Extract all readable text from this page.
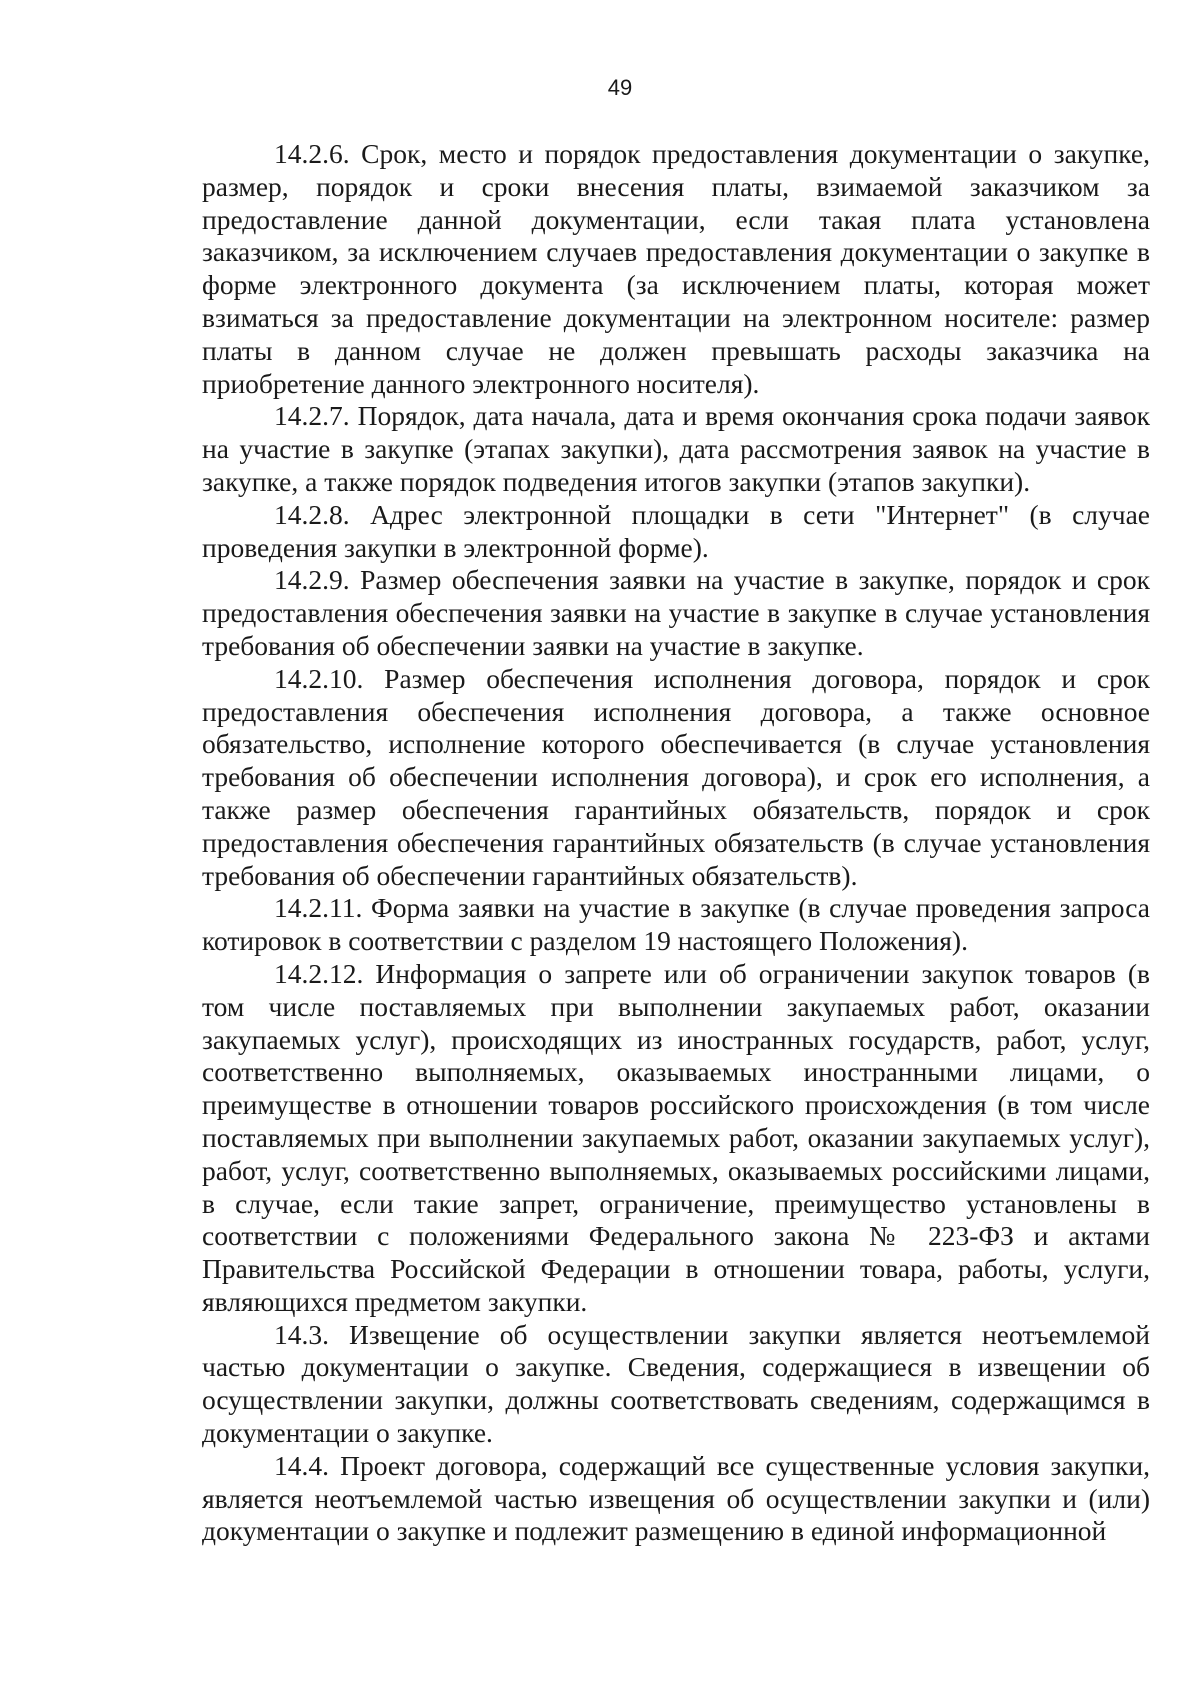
49

14.2.6. Срок, место и порядок предоставления документации о закупке, размер, порядок и сроки внесения платы, взимаемой заказчиком за предоставление данной документации, если такая плата установлена заказчиком, за исключением случаев предоставления документации о закупке в форме электронного документа (за исключением платы, которая может взиматься за предоставление документации на электронном носителе: размер платы в данном случае не должен превышать расходы заказчика на приобретение данного электронного носителя).

14.2.7. Порядок, дата начала, дата и время окончания срока подачи заявок на участие в закупке (этапах закупки), дата рассмотрения заявок на участие в закупке, а также порядок подведения итогов закупки (этапов закупки).

14.2.8. Адрес электронной площадки в сети "Интернет" (в случае проведения закупки в электронной форме).

14.2.9. Размер обеспечения заявки на участие в закупке, порядок и срок предоставления обеспечения заявки на участие в закупке в случае установления требования об обеспечении заявки на участие в закупке.

14.2.10. Размер обеспечения исполнения договора, порядок и срок предоставления обеспечения исполнения договора, а также основное обязательство, исполнение которого обеспечивается (в случае установления требования об обеспечении исполнения договора), и срок его исполнения, а также размер обеспечения гарантийных обязательств, порядок и срок предоставления обеспечения гарантийных обязательств (в случае установления требования об обеспечении гарантийных обязательств).

14.2.11. Форма заявки на участие в закупке (в случае проведения запроса котировок в соответствии с разделом 19 настоящего Положения).

14.2.12. Информация о запрете или об ограничении закупок товаров (в том числе поставляемых при выполнении закупаемых работ, оказании закупаемых услуг), происходящих из иностранных государств, работ, услуг, соответственно выполняемых, оказываемых иностранными лицами, о преимуществе в отношении товаров российского происхождения (в том числе поставляемых при выполнении закупаемых работ, оказании закупаемых услуг), работ, услуг, соответственно выполняемых, оказываемых российскими лицами, в случае, если такие запрет, ограничение, преимущество установлены в соответствии с положениями Федерального закона № 223-ФЗ и актами Правительства Российской Федерации в отношении товара, работы, услуги, являющихся предметом закупки.

14.3. Извещение об осуществлении закупки является неотъемлемой частью документации о закупке. Сведения, содержащиеся в извещении об осуществлении закупки, должны соответствовать сведениям, содержащимся в документации о закупке.

14.4. Проект договора, содержащий все существенные условия закупки, является неотъемлемой частью извещения об осуществлении закупки и (или) документации о закупке и подлежит размещению в единой информационной
